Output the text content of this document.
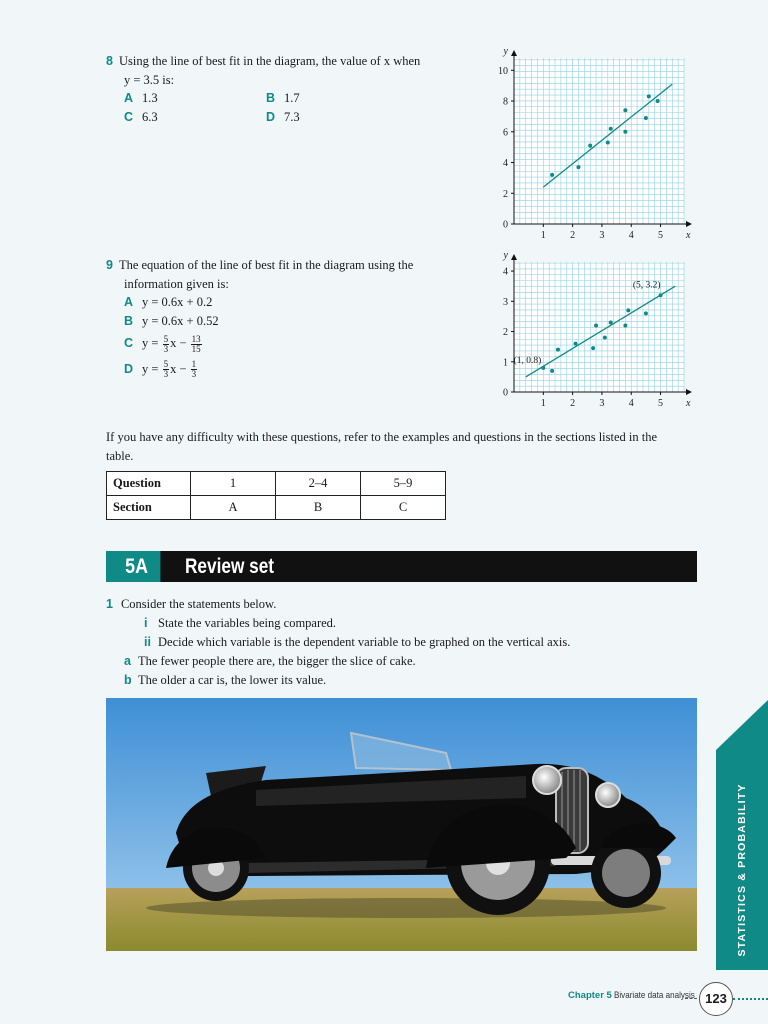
8 Using the line of best fit in the diagram, the value of x when
y = 3.5 is:
A 1.3	B 1.7
C 6.3	D 7.3
1 2 3 4 5
0
2
4
6
8
10
x
y
9 The equation of the line of best fit in the diagram using the
information given is:
A y = 0.6x + 0.2
B y = 0.6x + 0.52
C $y = \frac{5}{3}$ $x - \frac{13}{15}$
D $y = \frac{5}{3}$ $x - \frac{1}{3}$
1 2 3 4 5
0
1
2
3
4
x
y
(1, 0.8)
(5, 3.2)
If you have any difficulty with these questions, refer to the examples and questions in the sections listed in the table.
Question	1	2–4	5–9
Section	A	B	C
5A	Review set
1 Consider the statements below.
i State the variables being compared.
ii Decide which variable is the dependent variable to be graphed on the vertical axis.
a The fewer people there are, the bigger the slice of cake.
b The older a car is, the lower its value.
STATISTICS & PROBABILITY
Chapter 5 Bivariate data analysis 123
